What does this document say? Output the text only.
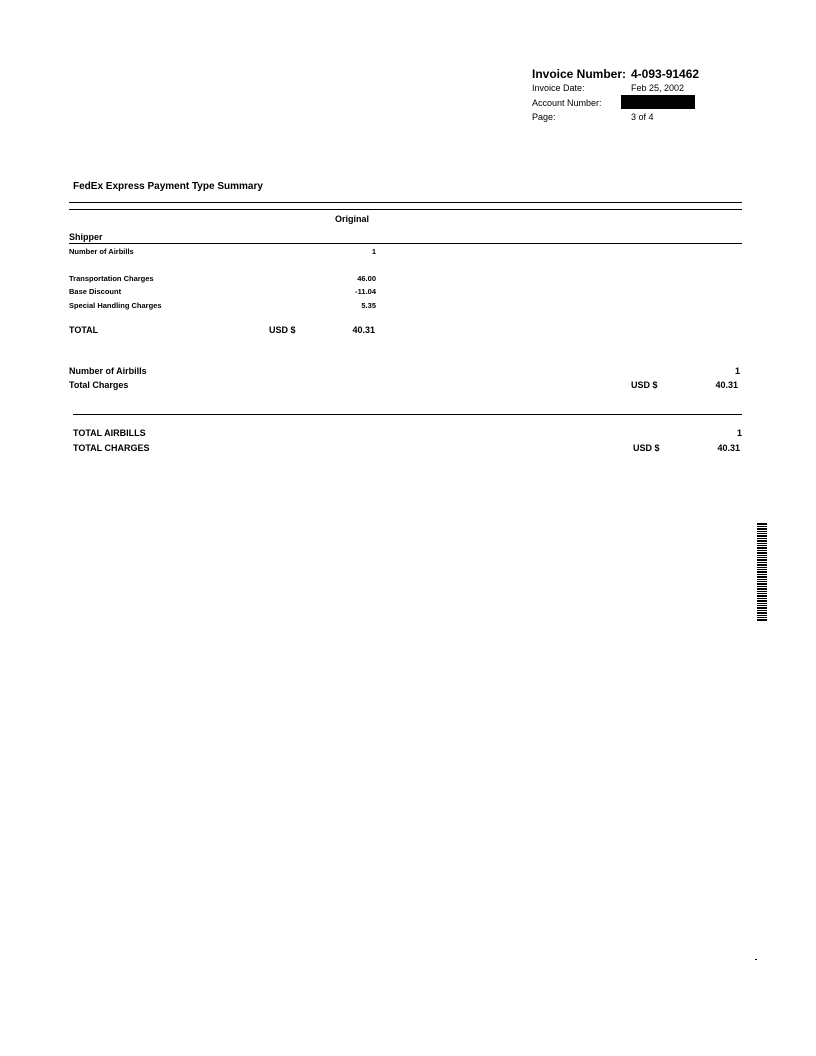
Invoice Number: 4-093-91462
Invoice Date:	Feb 25, 2002
Account Number:
Page:	3 of 4
FedEx Express Payment Type Summary
Original
Shipper
Number of Airbills	1
Transportation Charges	46.00
Base Discount	-11.04
Special Handling Charges	5.35
TOTAL	USD $	40.31
Number of Airbills	1
Total Charges	USD $	40.31
TOTAL AIRBILLS	1
TOTAL CHARGES	USD $	40.31
